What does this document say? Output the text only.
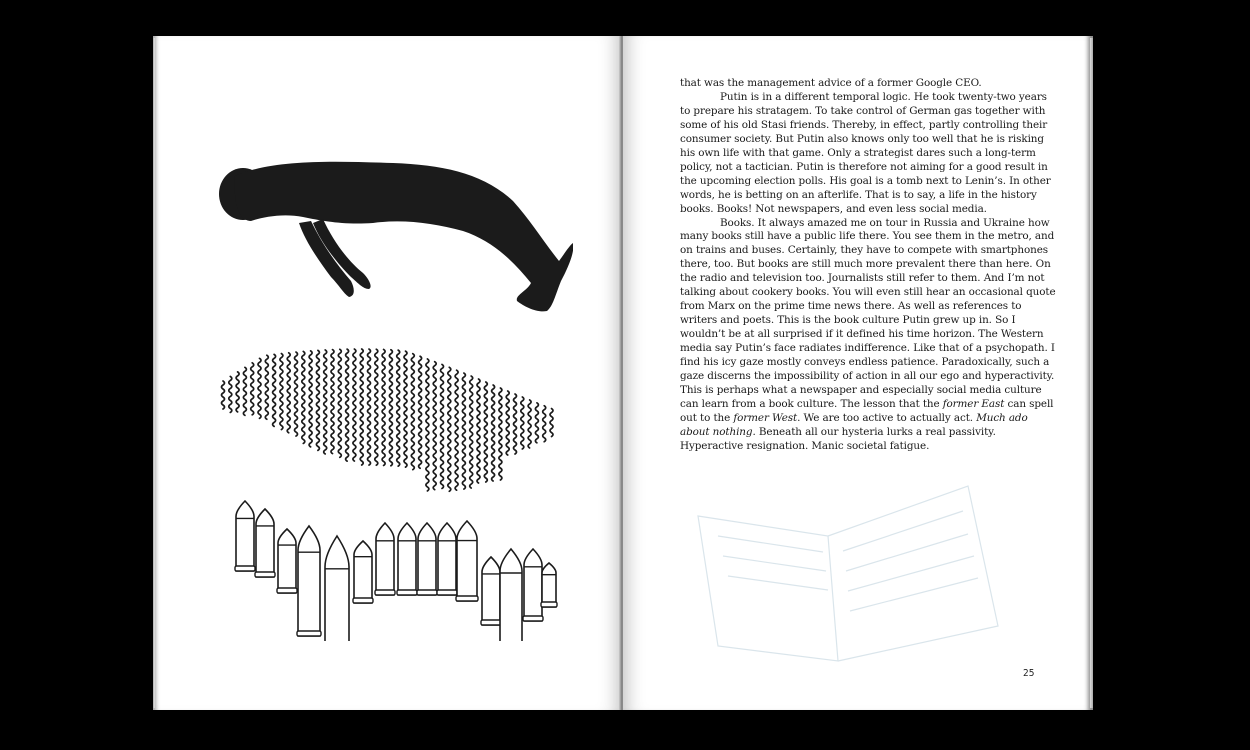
that was the management advice of a former Google CEO.

Putin is in a different temporal logic. He took twenty-two years to prepare his stratagem. To take control of German gas together with some of his old Stasi friends. Thereby, in effect, partly controlling their consumer society. But Putin also knows only too well that he is risking his own life with that game. Only a strategist dares such a long-term policy, not a tactician. Putin is therefore not aiming for a good result in the upcoming election polls. His goal is a tomb next to Lenin’s. In other words, he is betting on an afterlife. That is to say, a life in the history books. Books! Not newspapers, and even less social media.

Books. It always amazed me on tour in Russia and Ukraine how many books still have a public life there. You see them in the metro, and on trains and buses. Certainly, they have to compete with smartphones there, too. But books are still much more prevalent there than here. On the radio and television too. Journalists still refer to them. And I’m not talking about cookery books. You will even still hear an occasional quote from Marx on the prime time news there. As well as references to writers and poets. This is the book culture Putin grew up in. So I wouldn’t be at all surprised if it defined his time horizon. The Western media say Putin’s face radiates indifference. Like that of a psychopath. I find his icy gaze mostly conveys endless patience. Paradoxically, such a gaze discerns the impossibility of action in all our ego and hyperactivity. This is perhaps what a newspaper and especially social media culture can learn from a book culture. The lesson that the former East can spell out to the former West. We are too active to actually act. Much ado about nothing. Beneath all our hysteria lurks a real passivity. Hyperactive resignation. Manic societal fatigue.

25
